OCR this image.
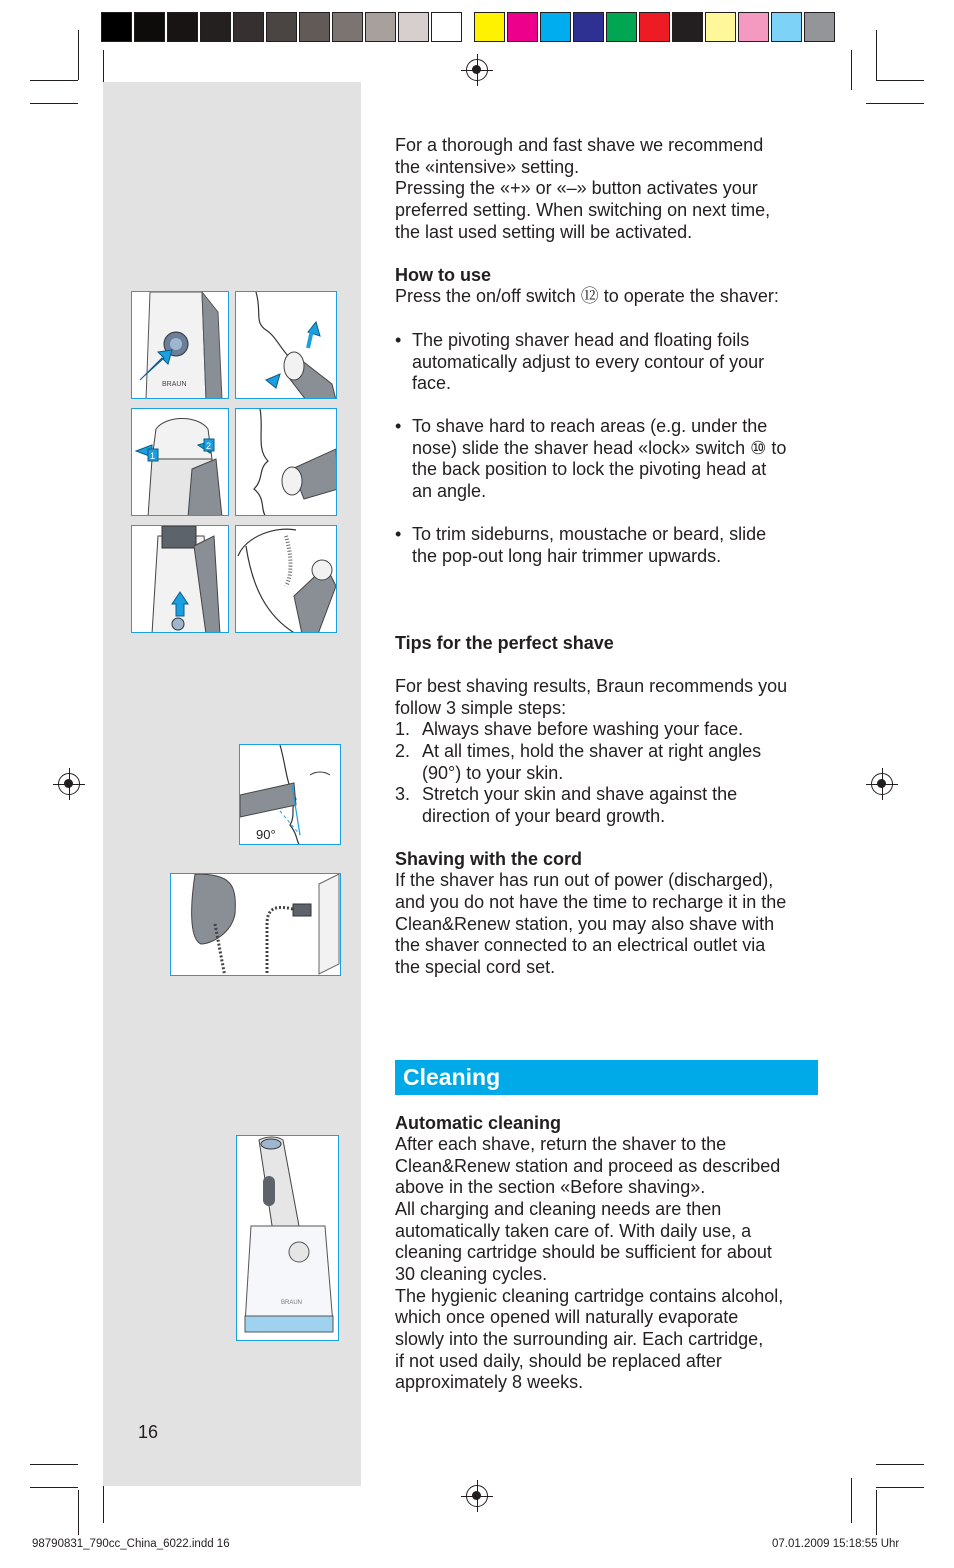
BRAUN
1
2
90°
BRAUN

For a thorough and fast shave we recommend

the «intensive» setting.

Pressing the «+» or «–» button activates your

preferred setting. When switching on next time,

the last used setting will be activated.

How to use

Press the on/off switch ⑫ to operate the shaver:

• The pivoting shaver head and floating foils
automatically adjust to every contour of your
face.
• To shave hard to reach areas (e.g. under the
nose) slide the shaver head «lock» switch ⑩ to
the back position to lock the pivoting head at
an angle.
• To trim sideburns, moustache or beard, slide
the pop-out long hair trimmer upwards.

Tips for the perfect shave

For best shaving results, Braun recommends you

follow 3 simple steps:

1. Always shave before washing your face.
2. At all times, hold the shaver at right angles
(90°) to your skin.
3. Stretch your skin and shave against the
direction of your beard growth.

Shaving with the cord

If the shaver has run out of power (discharged),

and you do not have the time to recharge it in the

Clean&Renew station, you may also shave with

the shaver connected to an electrical outlet via

the special cord set.

Cleaning

Automatic cleaning

After each shave, return the shaver to the

Clean&Renew station and proceed as described

above in the section «Before shaving».

All charging and cleaning needs are then

automatically taken care of. With daily use, a

cleaning cartridge should be sufficient for about

30 cleaning cycles.

The hygienic cleaning cartridge contains alcohol,

which once opened will naturally evaporate

slowly into the surrounding air. Each cartridge,

if not used daily, should be replaced after

approximately 8 weeks.

16
98790831_790cc_China_6022.indd 16	07.01.2009 15:18:55 Uhr
